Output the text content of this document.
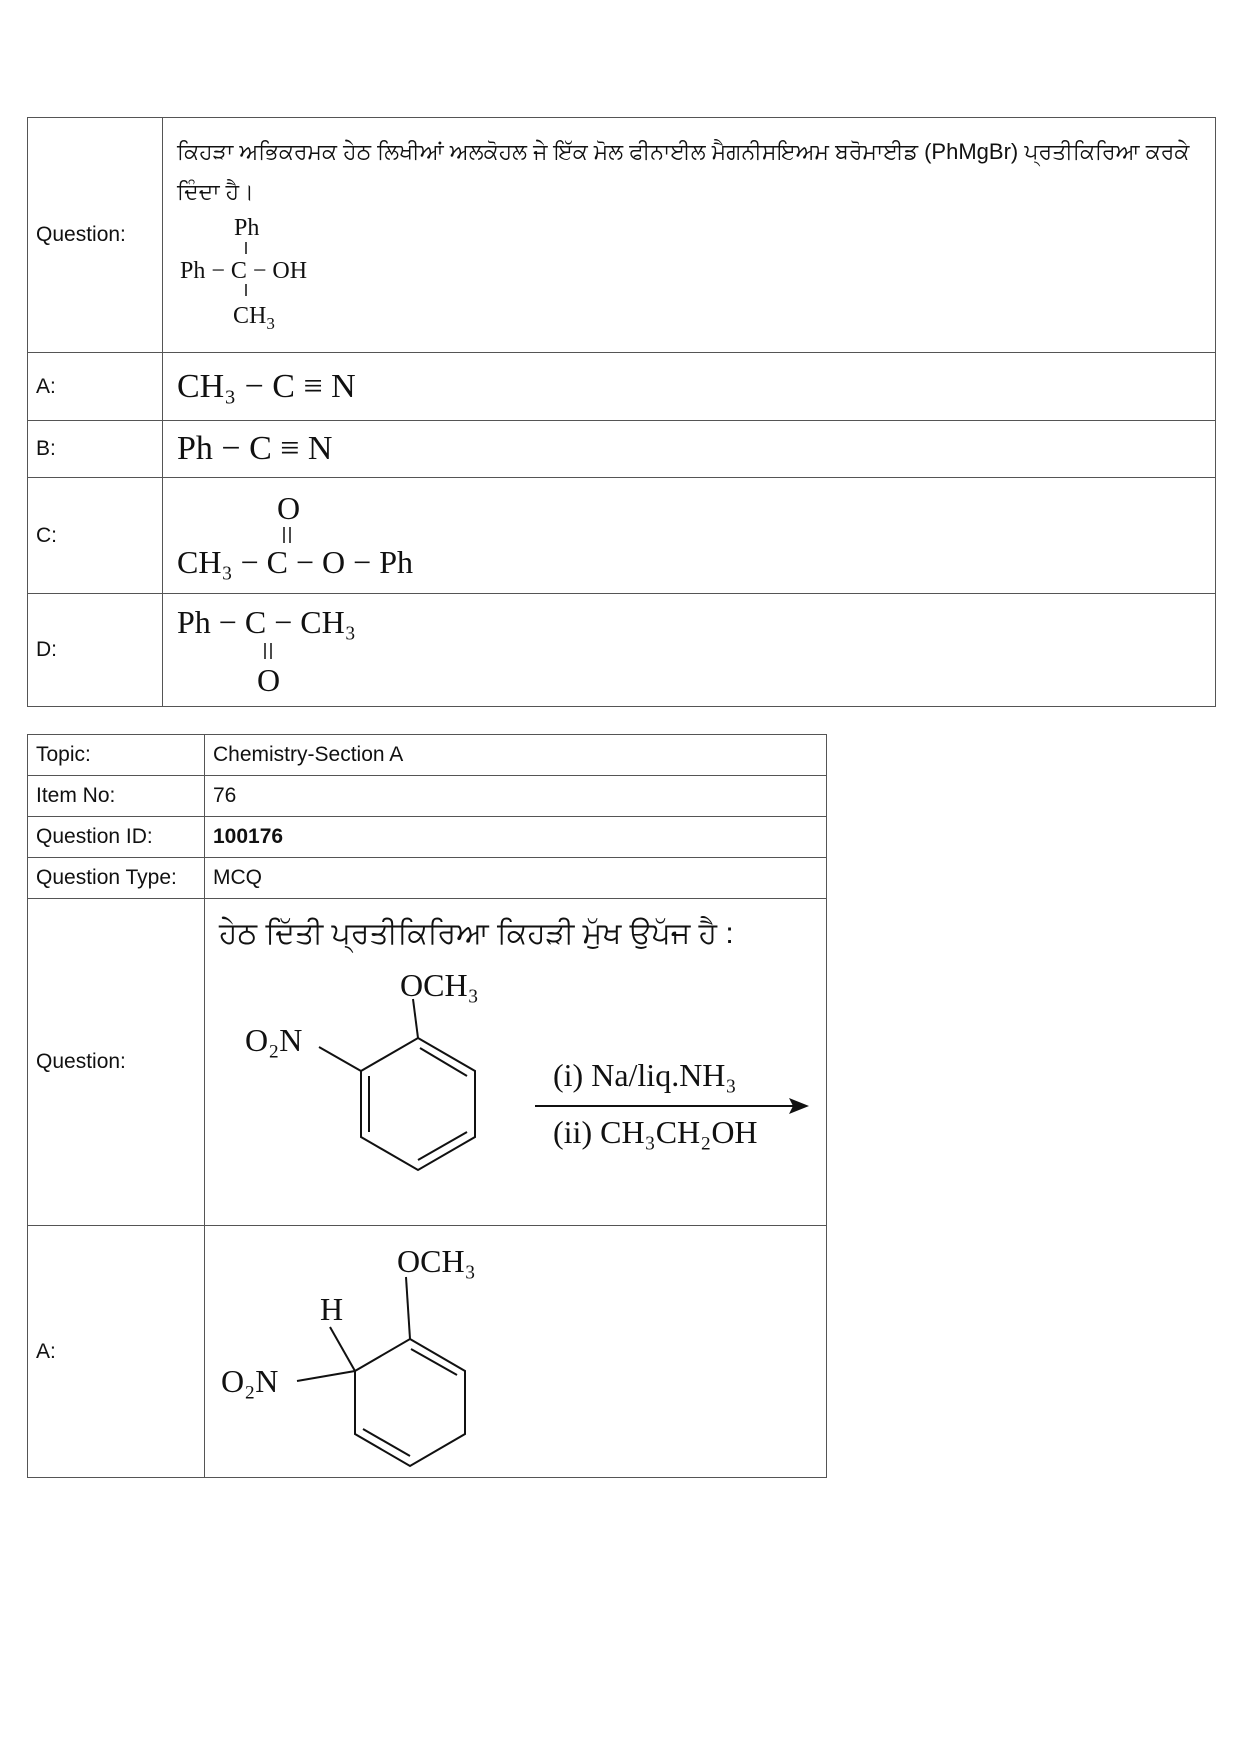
Question:	ਕਿਹੜਾ ਅਭਿਕਰਮਕ ਹੇਠ ਲਿਖੀਆਂ ਅਲਕੋਹਲ ਜੇ ਇੱਕ ਮੋਲ ਫੀਨਾਈਲ ਮੈਗਨੀਸਇਅਮ ਬਰੋਮਾਈਡ (PhMgBr) ਪ੍ਰਤੀਕਿਰਿਆ ਕਰਕੇ ਦਿੰਦਾ ਹੈ।
Ph
Ph − C − OH
$CH_3$

A:	CH₃ − C ≡ N
B:	Ph − C ≡ N
C:	O
CH₃ − C − O − Ph

D:	Ph − C − CH₃
O
Topic:	Chemistry-Section A
Item No:	76
Question ID:	100176
Question Type:	MCQ
Question:	ਹੇਠ ਦਿੱਤੀ ਪ੍ਰਤੀਕਿਰਿਆ ਕਿਹੜੀ ਮੁੱਖ ਉਪੱਜ ਹੈ :
OCH₃
O₂N
(i) Na/liq.NH₃
(ii) CH₃CH₂OH

A:	OCH₃
H
O₂N
